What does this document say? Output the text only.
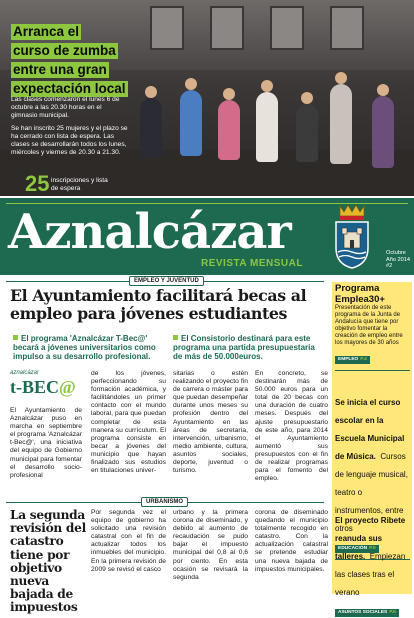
Arranca el
curso de zumba
entre una gran
expectación local

Las clases comenzaron el lunes 6 de octubre a las 20.30 horas en el gimnasio municipal.

Se han inscrito 25 mujeres y el plazo se ha cerrado con lista de espera. Las clases se desarrollarán todos los lunes, miércoles y viernes de 20.30 a 21.30.

25 inscripciones y lista de espera
Aznalcázar
REVISTA MENSUAL
Octubre
Año 2014
#2
EMPLEO Y JUVENTUD
El Ayuntamiento facilitará becas al empleo para jóvenes estudiantes
El programa 'Aznalcázar T-Bec@' becará a jóvenes universitarios como impulso a su desarrollo profesional.
El Consistorio destinará para este programa una partida presupuestaria de más de 50.000euros.
aznalcázar
t-BEC@
El Ayuntamiento de Aznalcázar puso en marcha en septiembre el programa 'Aznalcázar t-Bec@', una iniciativa del equipo de Gobierno municipal para fomentar el desarrollo socio-profesional
de los jóvenes, perfeccionando su formación académica, y facilitándoles un primer contacto con el mundo laboral, para que puedan completar de esta manera su currículum. El programa consiste en becar a jóvenes del municipio que hayan finalizado sus estudios en titulaciones univer-
sitarias o estén realizando el proyecto fin de carrera o máster para que puedan desempeñar durante unos meses su profesión dentro del Ayuntamiento en las áreas de secretaría, intervención, urbanismo, medio ambiente, cultura, asuntos sociales, deporte, juventud o turismo.
En concreto, se destinarán más de 50.000 euros para un total de 20 becas con una duración de cuatro meses. Después del ajuste presupuestario de este año, para 2014 el Ayuntamiento aumentó sus presupuestos con el fin de realizar programas para el fomento del empleo.
URBANISMO
La segunda revisión del catastro tiene por objetivo nueva bajada de impuestos
Por segunda vez el equipo de gobierno ha solicitado una revisión catastral con el fin de actualizar todos los inmuebles del municipio. En la primera revisión de 2009 se revisó el casco
urbano y la primera corona de diseminado, y debido al aumento de recaudación se pudo bajar el impuesto municipal del 0,8 al 0,6 por ciento. En esta ocasión se revisará la segunda
corona de diseminado quedando el municipio totalmente recogido en catastro. Con la actualización catastral se pretende estudiar una nueva bajada de impuestos municipales.
Programa Emplea30+
Presentación de este programa de la Junta de Andalucía que tiene por objetivo fomentar la creación de empleo entre los mayores de 30 años
EMPLEO P.4
Se inicia el curso escolar en la Escuela Municipal de Música. Cursos de lenguaje musical, teatro o instrumentos, entre otros
EDUCACIÓN P.5
El proyecto Ribete reanuda sus talleres. Empiezan las clases tras el verano
ASUNTOS SOCIALES P.6
